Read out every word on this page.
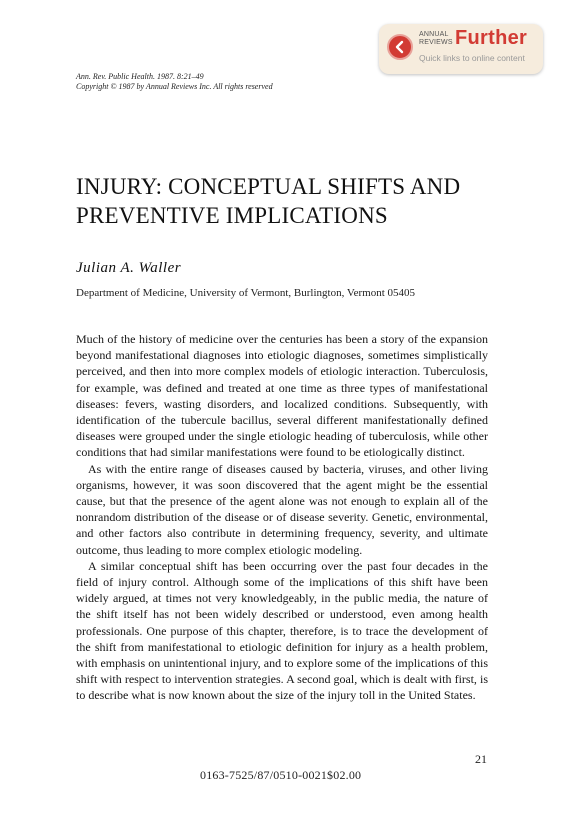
ANNUAL
REVIEWS Further
Quick links to online content
Ann. Rev. Public Health. 1987. 8:21–49
Copyright © 1987 by Annual Reviews Inc. All rights reserved
INJURY: CONCEPTUAL SHIFTS AND
PREVENTIVE IMPLICATIONS
Julian A. Waller
Department of Medicine, University of Vermont, Burlington, Vermont 05405

Much of the history of medicine over the centuries has been a story of the expansion beyond manifestational diagnoses into etiologic diagnoses, sometimes simplistically perceived, and then into more complex models of etiologic interaction. Tuberculosis, for example, was defined and treated at one time as three types of manifestational diseases: fevers, wasting disorders, and localized conditions. Subsequently, with identification of the tubercule bacillus, several different manifestationally defined diseases were grouped under the single etiologic heading of tuberculosis, while other conditions that had similar manifestations were found to be etiologically distinct.

As with the entire range of diseases caused by bacteria, viruses, and other living organisms, however, it was soon discovered that the agent might be the essential cause, but that the presence of the agent alone was not enough to explain all of the nonrandom distribution of the disease or of disease severity. Genetic, environmental, and other factors also contribute in determining frequency, severity, and ultimate outcome, thus leading to more complex etiologic modeling.

A similar conceptual shift has been occurring over the past four decades in the field of injury control. Although some of the implications of this shift have been widely argued, at times not very knowledgeably, in the public media, the nature of the shift itself has not been widely described or understood, even among health professionals. One purpose of this chapter, therefore, is to trace the development of the shift from manifestational to etiologic definition for injury as a health problem, with emphasis on unintentional injury, and to explore some of the implications of this shift with respect to intervention strategies. A second goal, which is dealt with first, is to describe what is now known about the size of the injury toll in the United States.

21
0163-7525/87/0510-0021$02.00
